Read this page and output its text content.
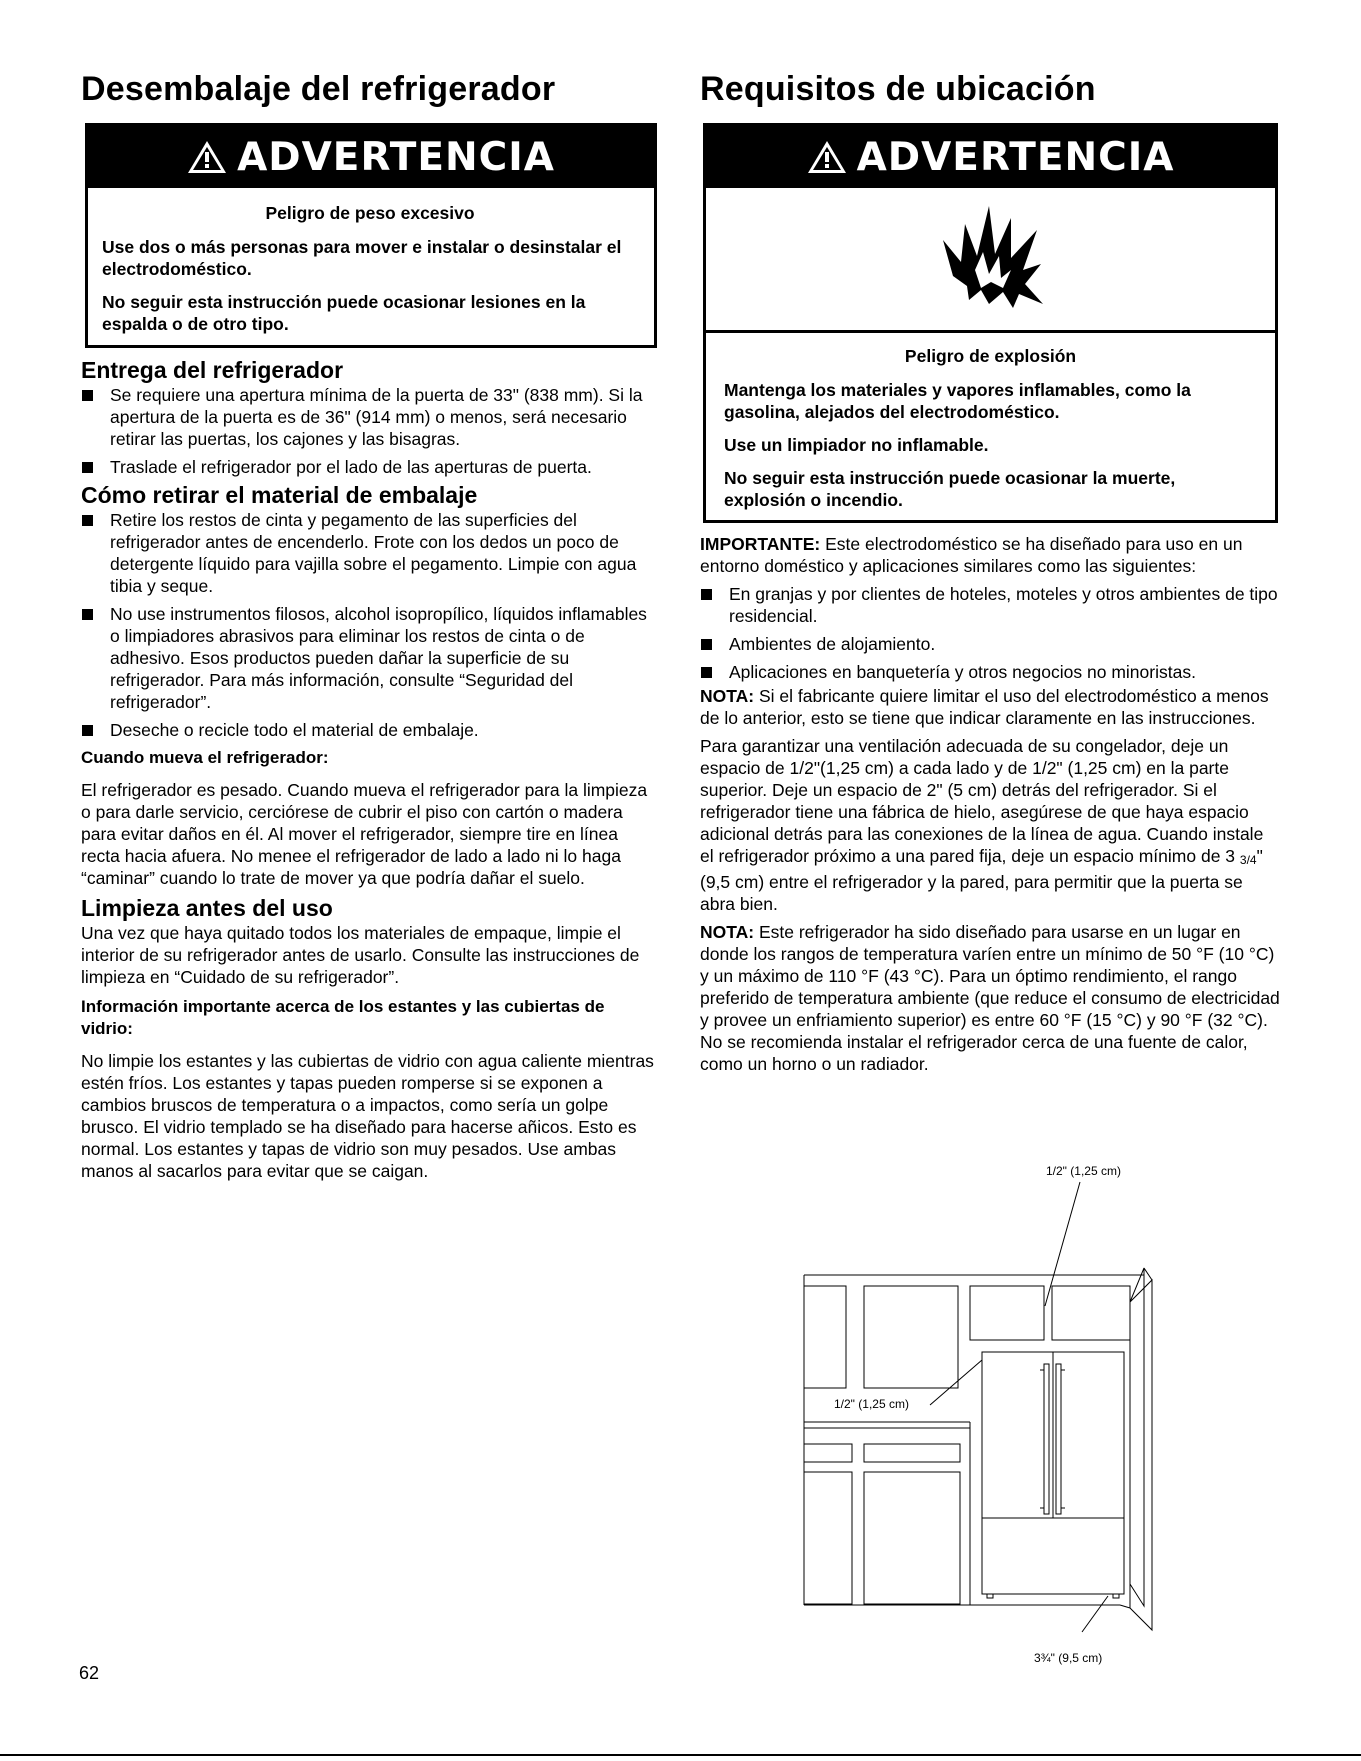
Desembalaje del refrigerador
ADVERTENCIA
Peligro de peso excesivo
Use dos o más personas para mover e instalar o desinstalar el electrodoméstico.
No seguir esta instrucción puede ocasionar lesiones en la espalda o de otro tipo.
Entrega del refrigerador
Se requiere una apertura mínima de la puerta de 33" (838 mm). Si la apertura de la puerta es de 36" (914 mm) o menos, será necesario retirar las puertas, los cajones y las bisagras.
Traslade el refrigerador por el lado de las aperturas de puerta.
Cómo retirar el material de embalaje
Retire los restos de cinta y pegamento de las superficies del refrigerador antes de encenderlo. Frote con los dedos un poco de detergente líquido para vajilla sobre el pegamento. Limpie con agua tibia y seque.
No use instrumentos filosos, alcohol isopropílico, líquidos inflamables o limpiadores abrasivos para eliminar los restos de cinta o de adhesivo. Esos productos pueden dañar la superficie de su refrigerador. Para más información, consulte “Seguridad del refrigerador”.
Deseche o recicle todo el material de embalaje.

Cuando mueva el refrigerador:

El refrigerador es pesado. Cuando mueva el refrigerador para la limpieza o para darle servicio, cerciórese de cubrir el piso con cartón o madera para evitar daños en él. Al mover el refrigerador, siempre tire en línea recta hacia afuera. No menee el refrigerador de lado a lado ni lo haga “caminar” cuando lo trate de mover ya que podría dañar el suelo.

Limpieza antes del uso

Una vez que haya quitado todos los materiales de empaque, limpie el interior de su refrigerador antes de usarlo. Consulte las instrucciones de limpieza en “Cuidado de su refrigerador”.

Información importante acerca de los estantes y las cubiertas de vidrio:

No limpie los estantes y las cubiertas de vidrio con agua caliente mientras estén fríos. Los estantes y tapas pueden romperse si se exponen a cambios bruscos de temperatura o a impactos, como sería un golpe brusco. El vidrio templado se ha diseñado para hacerse añicos. Esto es normal. Los estantes y tapas de vidrio son muy pesados. Use ambas manos al sacarlos para evitar que se caigan.

Requisitos de ubicación
ADVERTENCIA
Peligro de explosión
Mantenga los materiales y vapores inflamables, como la gasolina, alejados del electrodoméstico.
Use un limpiador no inflamable.
No seguir esta instrucción puede ocasionar la muerte, explosión o incendio.

IMPORTANTE: Este electrodoméstico se ha diseñado para uso en un entorno doméstico y aplicaciones similares como las siguientes:

En granjas y por clientes de hoteles, moteles y otros ambientes de tipo residencial.
Ambientes de alojamiento.
Aplicaciones en banquetería y otros negocios no minoristas.

NOTA: Si el fabricante quiere limitar el uso del electrodoméstico a menos de lo anterior, esto se tiene que indicar claramente en las instrucciones.

Para garantizar una ventilación adecuada de su congelador, deje un espacio de 1/2"(1,25 cm) a cada lado y de 1/2" (1,25 cm) en la parte superior. Deje un espacio de 2" (5 cm) detrás del refrigerador. Si el refrigerador tiene una fábrica de hielo, asegúrese de que haya espacio adicional detrás para las conexiones de la línea de agua. Cuando instale el refrigerador próximo a una pared fija, deje un espacio mínimo de 3 3/4" (9,5 cm) entre el refrigerador y la pared, para permitir que la puerta se abra bien.

NOTA: Este refrigerador ha sido diseñado para usarse en un lugar en donde los rangos de temperatura varíen entre un mínimo de 50 °F (10 °C) y un máximo de 110 °F (43 °C). Para un óptimo rendimiento, el rango preferido de temperatura ambiente (que reduce el consumo de electricidad y provee un enfriamiento superior) es entre 60 °F (15 °C) y 90 °F (32 °C). No se recomienda instalar el refrigerador cerca de una fuente de calor, como un horno o un radiador.

1/2" (1,25 cm)
1/2" (1,25 cm)
3¾" (9,5 cm)
62
